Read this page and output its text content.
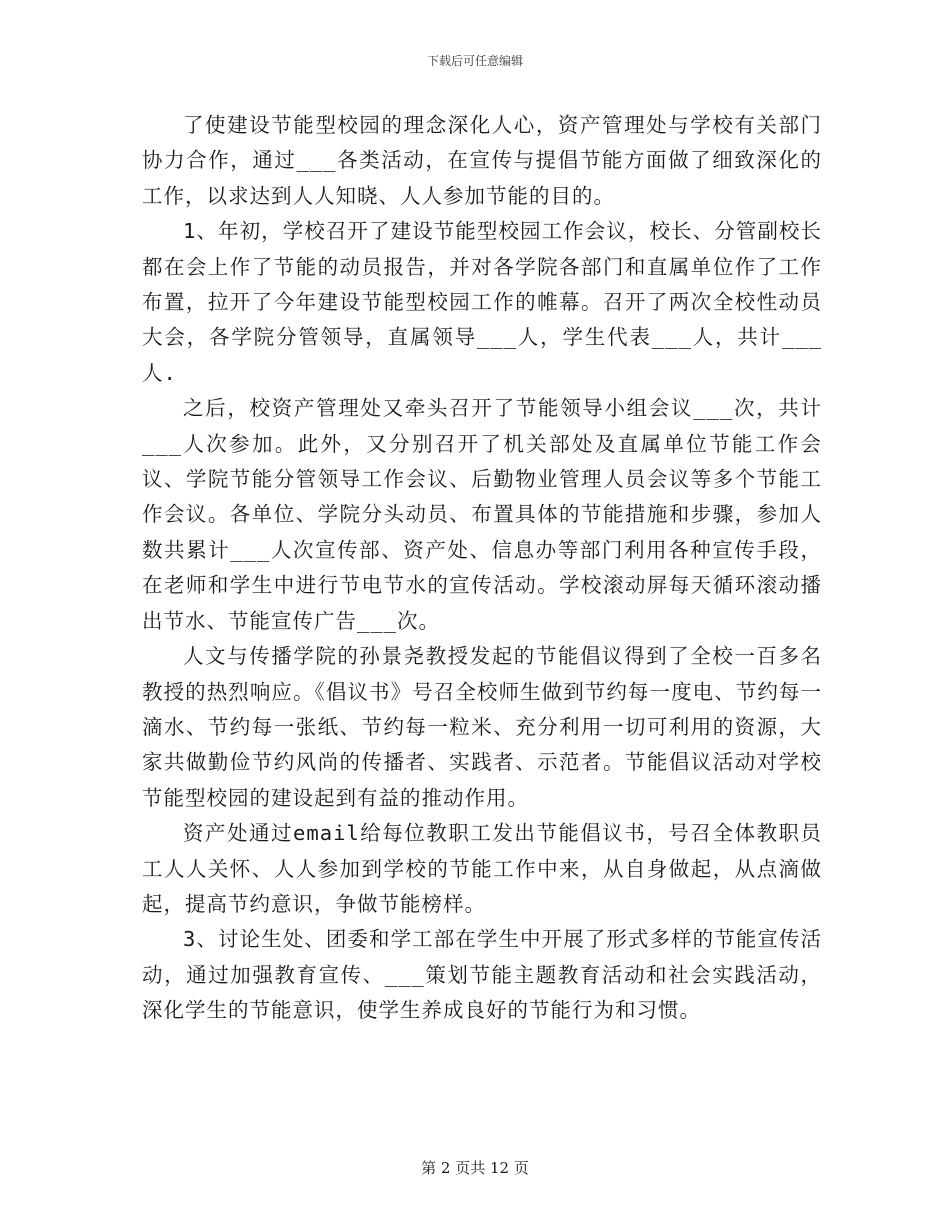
下载后可任意编辑

了使建设节能型校园的理念深化人心，资产管理处与学校有关部门协力合作，通过___各类活动，在宣传与提倡节能方面做了细致深化的工作，以求达到人人知晓、人人参加节能的目的。

1、年初，学校召开了建设节能型校园工作会议，校长、分管副校长都在会上作了节能的动员报告，并对各学院各部门和直属单位作了工作布置，拉开了今年建设节能型校园工作的帷幕。召开了两次全校性动员大会，各学院分管领导，直属领导___人，学生代表___人，共计___人.

之后，校资产管理处又牵头召开了节能领导小组会议___次，共计___人次参加。此外，又分别召开了机关部处及直属单位节能工作会议、学院节能分管领导工作会议、后勤物业管理人员会议等多个节能工作会议。各单位、学院分头动员、布置具体的节能措施和步骤，参加人数共累计___人次宣传部、资产处、信息办等部门利用各种宣传手段，在老师和学生中进行节电节水的宣传活动。学校滚动屏每天循环滚动播出节水、节能宣传广告___次。

人文与传播学院的孙景尧教授发起的节能倡议得到了全校一百多名教授的热烈响应。《倡议书》号召全校师生做到节约每一度电、节约每一滴水、节约每一张纸、节约每一粒米、充分利用一切可利用的资源，大家共做勤俭节约风尚的传播者、实践者、示范者。节能倡议活动对学校节能型校园的建设起到有益的推动作用。

资产处通过email给每位教职工发出节能倡议书，号召全体教职员工人人关怀、人人参加到学校的节能工作中来，从自身做起，从点滴做起，提高节约意识，争做节能榜样。

3、讨论生处、团委和学工部在学生中开展了形式多样的节能宣传活动，通过加强教育宣传、___策划节能主题教育活动和社会实践活动，深化学生的节能意识，使学生养成良好的节能行为和习惯。

第 2 页共 12 页
